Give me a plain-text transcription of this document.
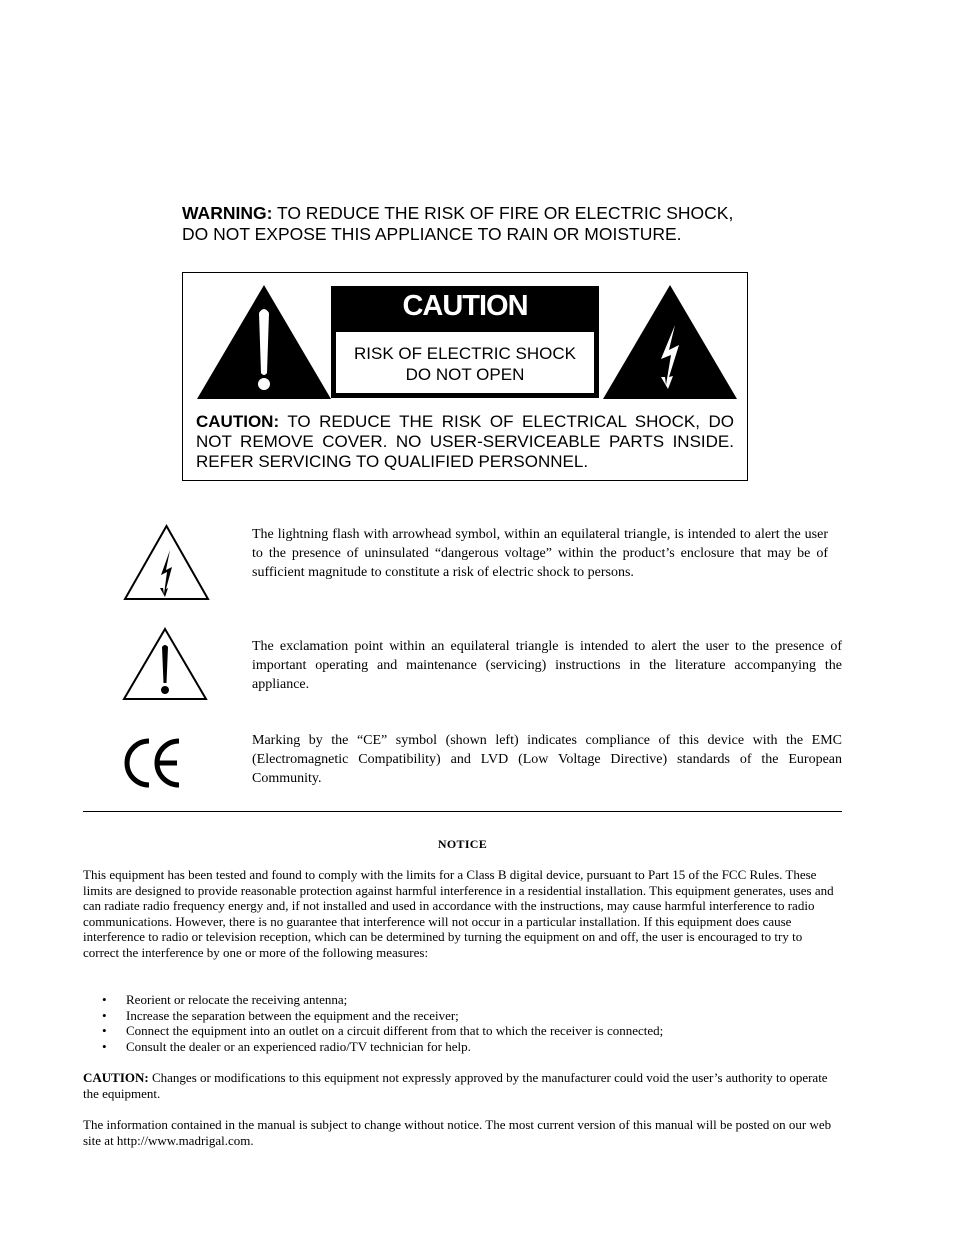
WARNING: TO REDUCE THE RISK OF FIRE OR ELECTRIC SHOCK, DO NOT EXPOSE THIS APPLIANCE TO RAIN OR MOISTURE.
CAUTION
RISK OF ELECTRIC SHOCK
DO NOT OPEN
CAUTION: TO REDUCE THE RISK OF ELECTRICAL SHOCK, DO NOT REMOVE COVER. NO USER-SERVICEABLE PARTS INSIDE. REFER SERVICING TO QUALIFIED PERSONNEL.
The lightning flash with arrowhead symbol, within an equilateral triangle, is intended to alert the user to the presence of uninsulated “dangerous voltage” within the product’s enclosure that may be of sufficient magnitude to constitute a risk of electric shock to persons.
The exclamation point within an equilateral triangle is intended to alert the user to the presence of important operating and maintenance (servicing) instructions in the literature accompanying the appliance.
Marking by the “CE” symbol (shown left) indicates compliance of this device with the EMC (Electromagnetic Compatibility) and LVD (Low Voltage Directive) standards of the European Community.
NOTICE
This equipment has been tested and found to comply with the limits for a Class B digital device, pursuant to Part 15 of the FCC Rules. These limits are designed to provide reasonable protection against harmful interference in a residential installation. This equipment generates, uses and can radiate radio frequency energy and, if not installed and used in accordance with the instructions, may cause harmful interference to radio communications. However, there is no guarantee that interference will not occur in a particular installation. If this equipment does cause interference to radio or television reception, which can be determined by turning the equipment on and off, the user is encouraged to try to correct the interference by one or more of the following measures:
• Reorient or relocate the receiving antenna;
• Increase the separation between the equipment and the receiver;
• Connect the equipment into an outlet on a circuit different from that to which the receiver is connected;
• Consult the dealer or an experienced radio/TV technician for help.
CAUTION: Changes or modifications to this equipment not expressly approved by the manufacturer could void the user’s authority to operate the equipment.
The information contained in the manual is subject to change without notice. The most current version of this manual will be posted on our web site at http://www.madrigal.com.
